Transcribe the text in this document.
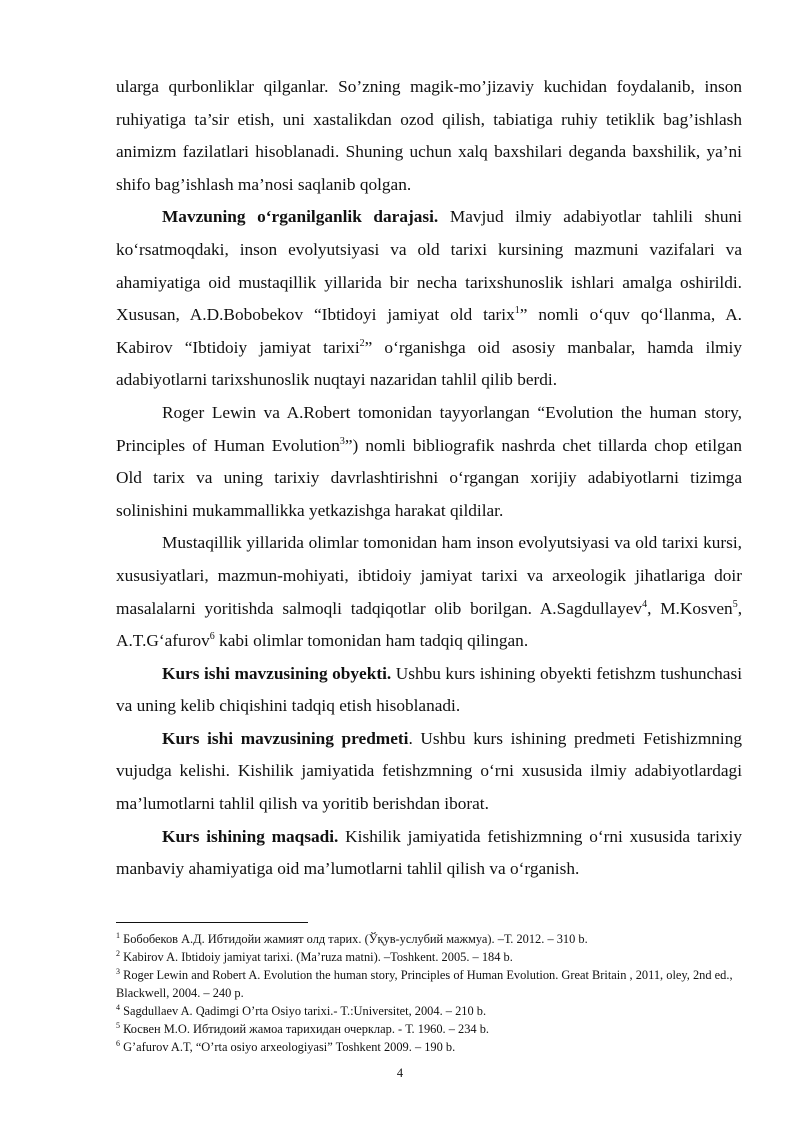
ularga qurbonliklar qilganlar. So’zning magik-mo’jizaviy kuchidan foydalanib, inson ruhiyatiga ta’sir etish, uni xastalikdan ozod qilish, tabiatiga ruhiy tetiklik bag’ishlash animizm fazilatlari hisoblanadi. Shuning uchun xalq baxshilari deganda baxshilik, ya’ni shifo bag’ishlash ma’nosi saqlanib qolgan.

Mavzuning o‘rganilganlik darajasi. Mavjud ilmiy adabiyotlar tahlili shuni ko‘rsatmoqdaki, inson evolyutsiyasi va old tarixi kursining mazmuni vazifalari va ahamiyatiga oid mustaqillik yillarida bir necha tarixshunoslik ishlari amalga oshirildi. Xususan, A.D.Bobobekov “Ibtidoyi jamiyat old tarix$^1$” nomli o‘quv qo‘llanma, A. Kabirov “Ibtidoiy jamiyat tarixi$^2$” o‘rganishga oid asosiy manbalar, hamda ilmiy adabiyotlarni tarixshunoslik nuqtayi nazaridan tahlil qilib berdi.

Roger Lewin va A.Robert tomonidan tayyorlangan “Evolution the human story, Principles of Human Evolution$^3$”) nomli bibliografik nashrda chet tillarda chop etilgan Old tarix va uning tarixiy davrlashtirishni o‘rgangan xorijiy adabiyotlarni tizimga solinishini mukammallikka yetkazishga harakat qildilar.

Mustaqillik yillarida olimlar tomonidan ham inson evolyutsiyasi va old tarixi kursi, xususiyatlari, mazmun-mohiyati, ibtidoiy jamiyat tarixi va arxeologik jihatlariga doir masalalarni yoritishda salmoqli tadqiqotlar olib borilgan. A.Sagdullayev$^4$, M.Kosven$^5$, A.T.G‘afurov$^6$ kabi olimlar tomonidan ham tadqiq qilingan.

Kurs ishi mavzusining obyekti. Ushbu kurs ishining obyekti fetishzm tushunchasi va uning kelib chiqishini tadqiq etish hisoblanadi.

Kurs ishi mavzusining predmeti. Ushbu kurs ishining predmeti Fetishizmning vujudga kelishi. Kishilik jamiyatida fetishzmning o‘rni xususida ilmiy adabiyotlardagi ma’lumotlarni tahlil qilish va yoritib berishdan iborat.

Kurs ishining maqsadi. Kishilik jamiyatida fetishizmning o‘rni xususida tarixiy manbaviy ahamiyatiga oid ma’lumotlarni tahlil qilish va o‘rganish.

$^1$ Бобобеков А.Д. Ибтидойи жамият олд тарих. (Ўқув-услубий мажмуа). –Т. 2012. – 310 b.

$^2$ Kabirov A. Ibtidoiy jamiyat tarixi. (Ma’ruza matni). –Toshkent. 2005. – 184 b.

$^3$ Roger Lewin and Robert A. Evolution the human story, Principles of Human Evolution. Great Britain , 2011, oley, 2nd ed., Blackwell, 2004. – 240 p.

$^4$ Sagdullaev A. Qadimgi O’rta Osiyo tarixi.- T.:Universitet, 2004. – 210 b.

$^5$ Косвен М.О. Ибтидоий жамоа тарихидан очерклар. - Т. 1960. – 234 b.

$^6$ G’afurov A.T, “O’rta osiyo arxeologiyasi” Toshkent 2009. – 190 b.

4
